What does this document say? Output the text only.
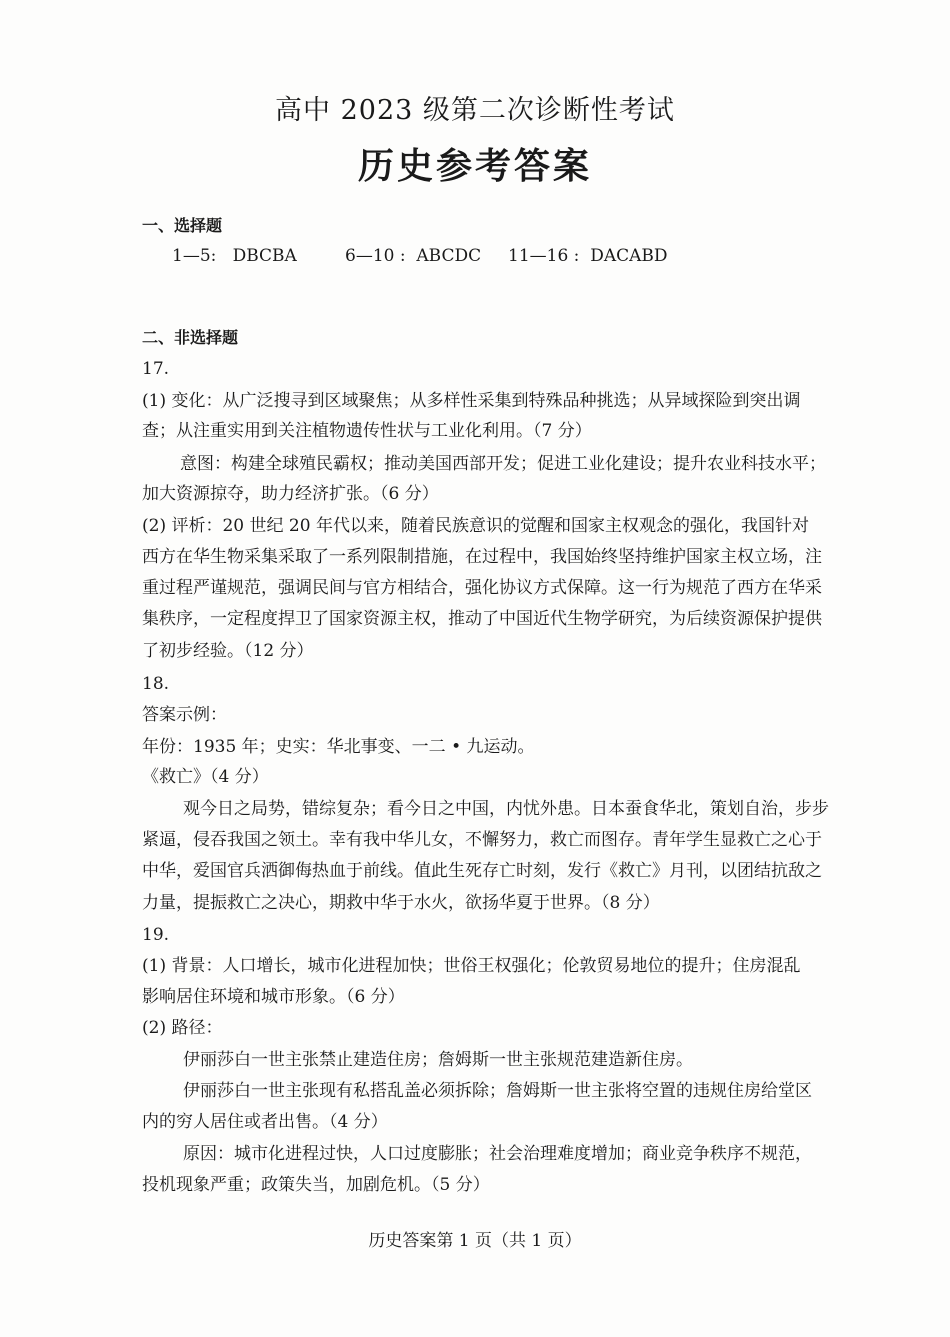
高中 2023 级第二次诊断性考试
历史参考答案
一、选择题
1—5: DBCBA	6—10 : ABCDC 11—16 : DACABD
二、非选择题
17.
(1) 变化：从广泛搜寻到区域聚焦；从多样性采集到特殊品种挑选；从异域探险到突出调
查；从注重实用到关注植物遗传性状与工业化利用。（7 分）
意图：构建全球殖民霸权；推动美国西部开发；促进工业化建设；提升农业科技水平；
加大资源掠夺，助力经济扩张。（6 分）
(2) 评析：20 世纪 20 年代以来，随着民族意识的觉醒和国家主权观念的强化，我国针对
西方在华生物采集采取了一系列限制措施，在过程中，我国始终坚持维护国家主权立场，注
重过程严谨规范，强调民间与官方相结合，强化协议方式保障。这一行为规范了西方在华采
集秩序，一定程度捍卫了国家资源主权，推动了中国近代生物学研究，为后续资源保护提供
了初步经验。（12 分）
18.
答案示例：
年份：1935 年；史实：华北事变、一二 • 九运动。
《救亡》（4 分）
观今日之局势，错综复杂；看今日之中国，内忧外患。日本蚕食华北，策划自治，步步
紧逼，侵吞我国之领土。幸有我中华儿女，不懈努力，救亡而图存。青年学生显救亡之心于
中华，爱国官兵洒御侮热血于前线。值此生死存亡时刻，发行《救亡》月刊，以团结抗敌之
力量，提振救亡之决心，期救中华于水火，欲扬华夏于世界。（8 分）
19.
(1) 背景：人口增长，城市化进程加快；世俗王权强化；伦敦贸易地位的提升；住房混乱
影响居住环境和城市形象。（6 分）
(2) 路径：
伊丽莎白一世主张禁止建造住房；詹姆斯一世主张规范建造新住房。
伊丽莎白一世主张现有私搭乱盖必须拆除；詹姆斯一世主张将空置的违规住房给堂区
内的穷人居住或者出售。（4 分）
原因：城市化进程过快，人口过度膨胀；社会治理难度增加；商业竞争秩序不规范，
投机现象严重；政策失当，加剧危机。（5 分）
历史答案第 1 页（共 1 页）
